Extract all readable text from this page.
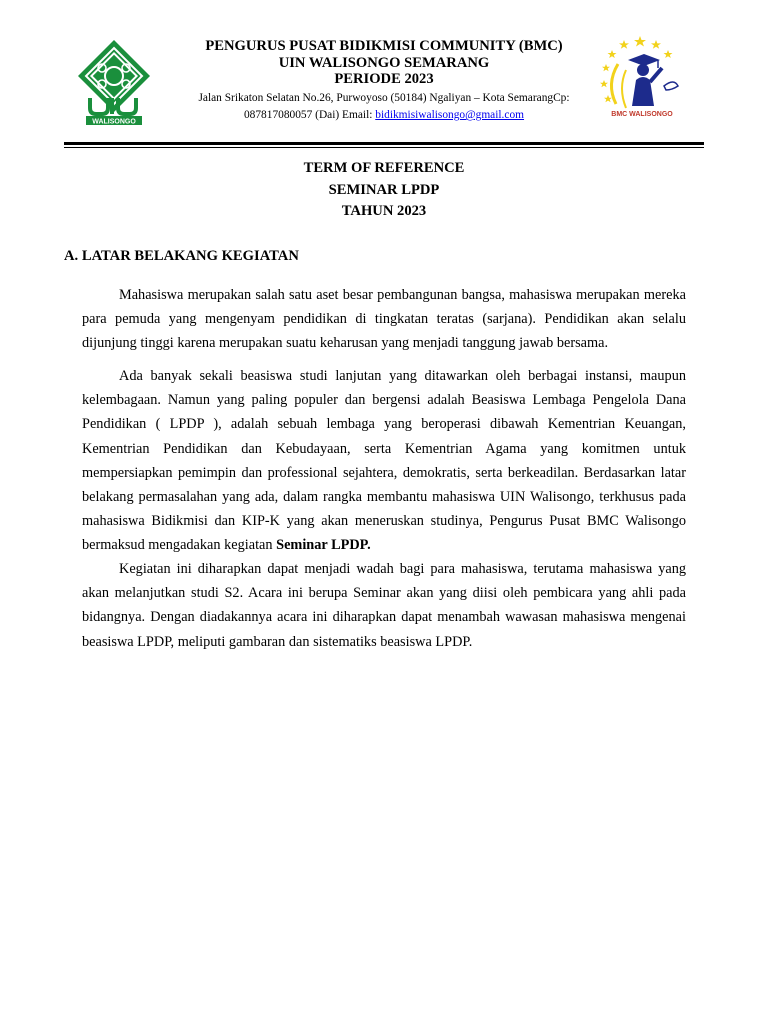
WALISONGO
PENGURUS PUSAT BIDIKMISI COMMUNITY (BMC)
UIN WALISONGO SEMARANG
PERIODE 2023
Jalan Srikaton Selatan No.26, Purwoyoso (50184) Ngaliyan – Kota SemarangCp:
087817080057 (Dai) Email: bidikmisiwalisongo@gmail.com	BMC WALISONGO
TERM OF REFERENCE
SEMINAR LPDP
TAHUN 2023
A. LATAR BELAKANG KEGIATAN

Mahasiswa merupakan salah satu aset besar pembangunan bangsa, mahasiswa merupakan mereka para pemuda yang mengenyam pendidikan di tingkatan teratas (sarjana). Pendidikan akan selalu dijunjung tinggi karena merupakan suatu keharusan yang menjadi tanggung jawab bersama.

Ada banyak sekali beasiswa studi lanjutan yang ditawarkan oleh berbagai instansi, maupun kelembagaan. Namun yang paling populer dan bergensi adalah Beasiswa Lembaga Pengelola Dana Pendidikan ( LPDP ), adalah sebuah lembaga yang beroperasi dibawah Kementrian Keuangan, Kementrian Pendidikan dan Kebudayaan, serta Kementrian Agama yang komitmen untuk mempersiapkan pemimpin dan professional sejahtera, demokratis, serta berkeadilan. Berdasarkan latar belakang permasalahan yang ada, dalam rangka membantu mahasiswa UIN Walisongo, terkhusus pada mahasiswa Bidikmisi dan KIP-K yang akan meneruskan studinya, Pengurus Pusat BMC Walisongo bermaksud mengadakan kegiatan Seminar LPDP.

Kegiatan ini diharapkan dapat menjadi wadah bagi para mahasiswa, terutama mahasiswa yang akan melanjutkan studi S2. Acara ini berupa Seminar akan yang diisi oleh pembicara yang ahli pada bidangnya. Dengan diadakannya acara ini diharapkan dapat menambah wawasan mahasiswa mengenai beasiswa LPDP, meliputi gambaran dan sistematiks beasiswa LPDP.
